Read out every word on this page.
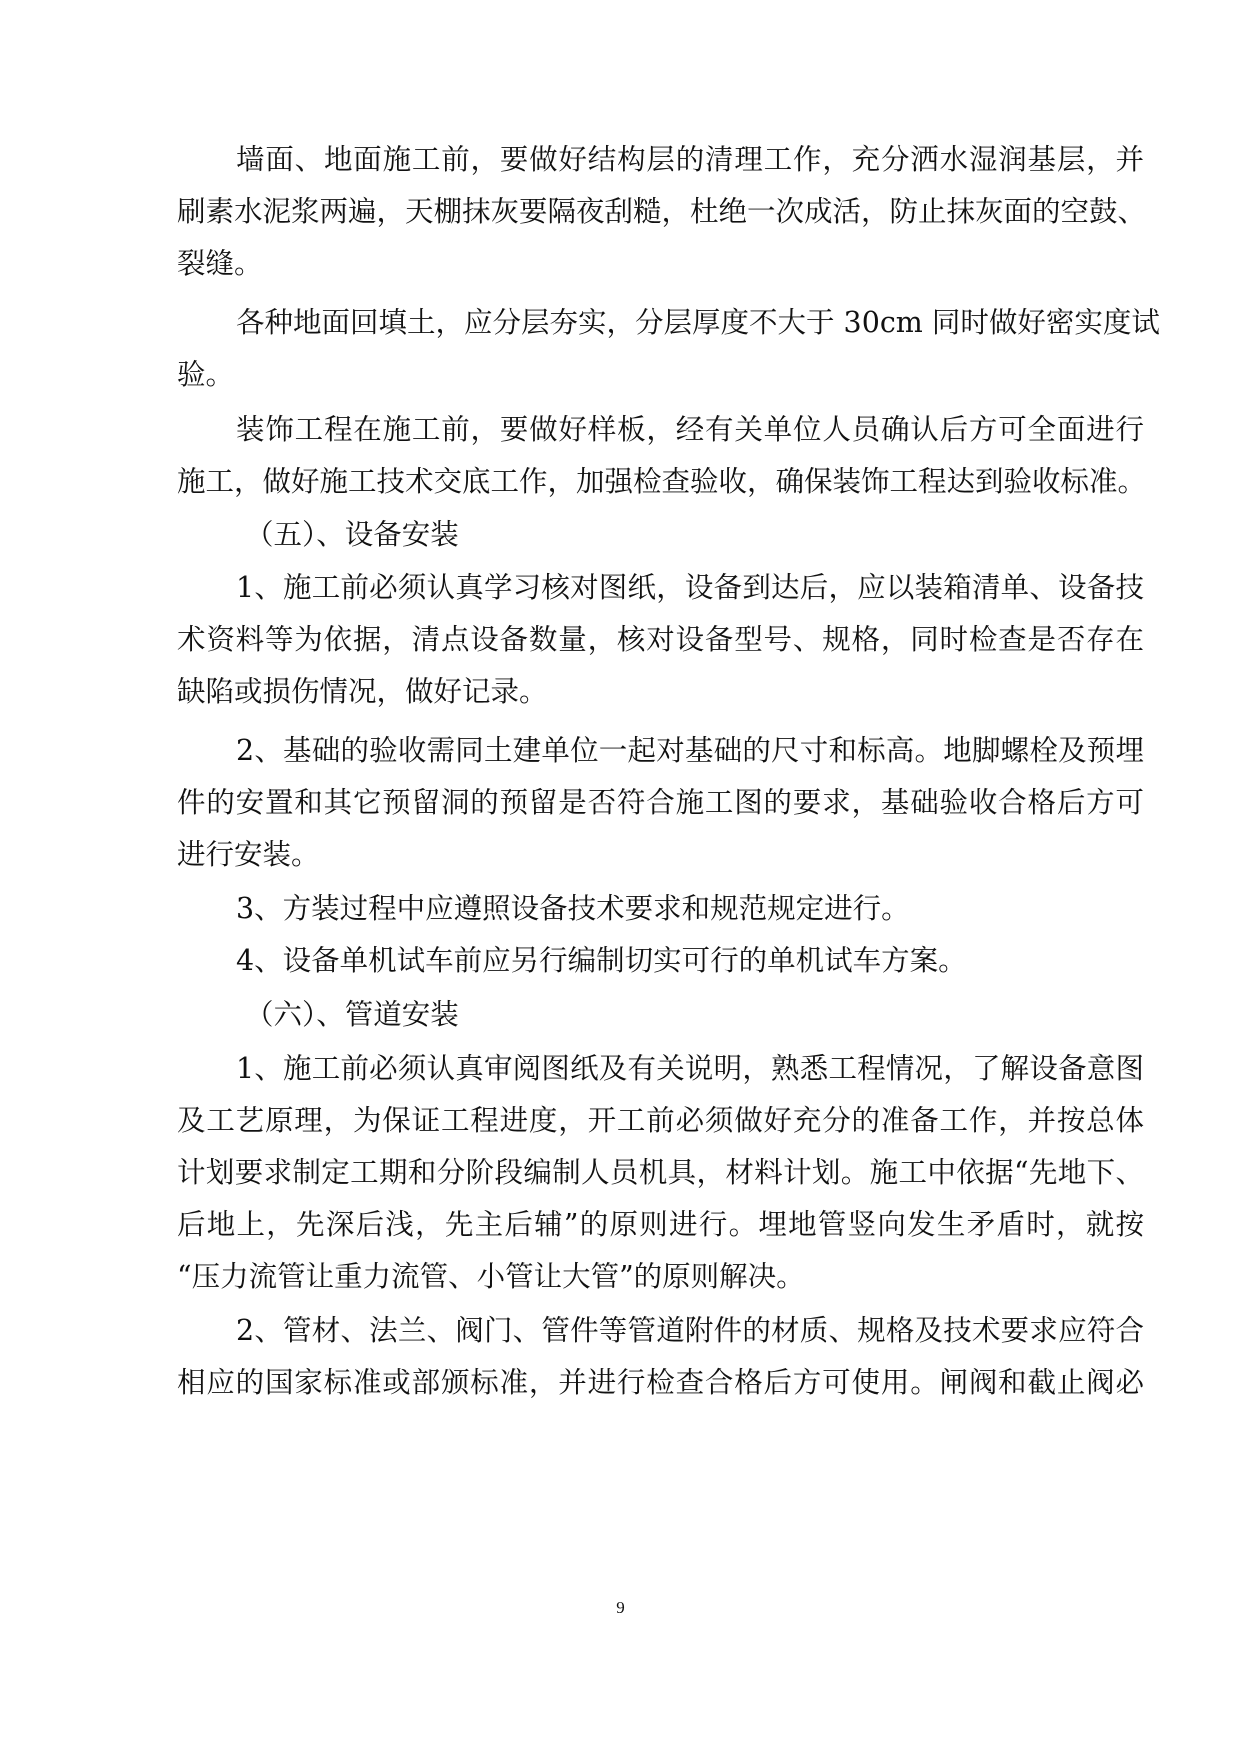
墙面、地面施工前，要做好结构层的清理工作，充分洒水湿润基层，并
刷素水泥浆两遍，天棚抹灰要隔夜刮糙，杜绝一次成活，防止抹灰面的空鼓、
裂缝。
各种地面回填土，应分层夯实，分层厚度不大于 30cm 同时做好密实度试
验。
装饰工程在施工前，要做好样板，经有关单位人员确认后方可全面进行
施工，做好施工技术交底工作，加强检查验收，确保装饰工程达到验收标准。
（五）、设备安装
1、施工前必须认真学习核对图纸，设备到达后，应以装箱清单、设备技
术资料等为依据，清点设备数量，核对设备型号、规格，同时检查是否存在
缺陷或损伤情况，做好记录。
2、基础的验收需同土建单位一起对基础的尺寸和标高。地脚螺栓及预埋
件的安置和其它预留洞的预留是否符合施工图的要求，基础验收合格后方可
进行安装。
3、方装过程中应遵照设备技术要求和规范规定进行。
4、设备单机试车前应另行编制切实可行的单机试车方案。
（六）、管道安装
1、施工前必须认真审阅图纸及有关说明，熟悉工程情况，了解设备意图
及工艺原理，为保证工程进度，开工前必须做好充分的准备工作，并按总体
计划要求制定工期和分阶段编制人员机具，材料计划。施工中依据“先地下、
后地上，先深后浅，先主后辅”的原则进行。埋地管竖向发生矛盾时，就按
“压力流管让重力流管、小管让大管”的原则解决。
2、管材、法兰、阀门、管件等管道附件的材质、规格及技术要求应符合
相应的国家标准或部颁标准，并进行检查合格后方可使用。闸阀和截止阀必
9
